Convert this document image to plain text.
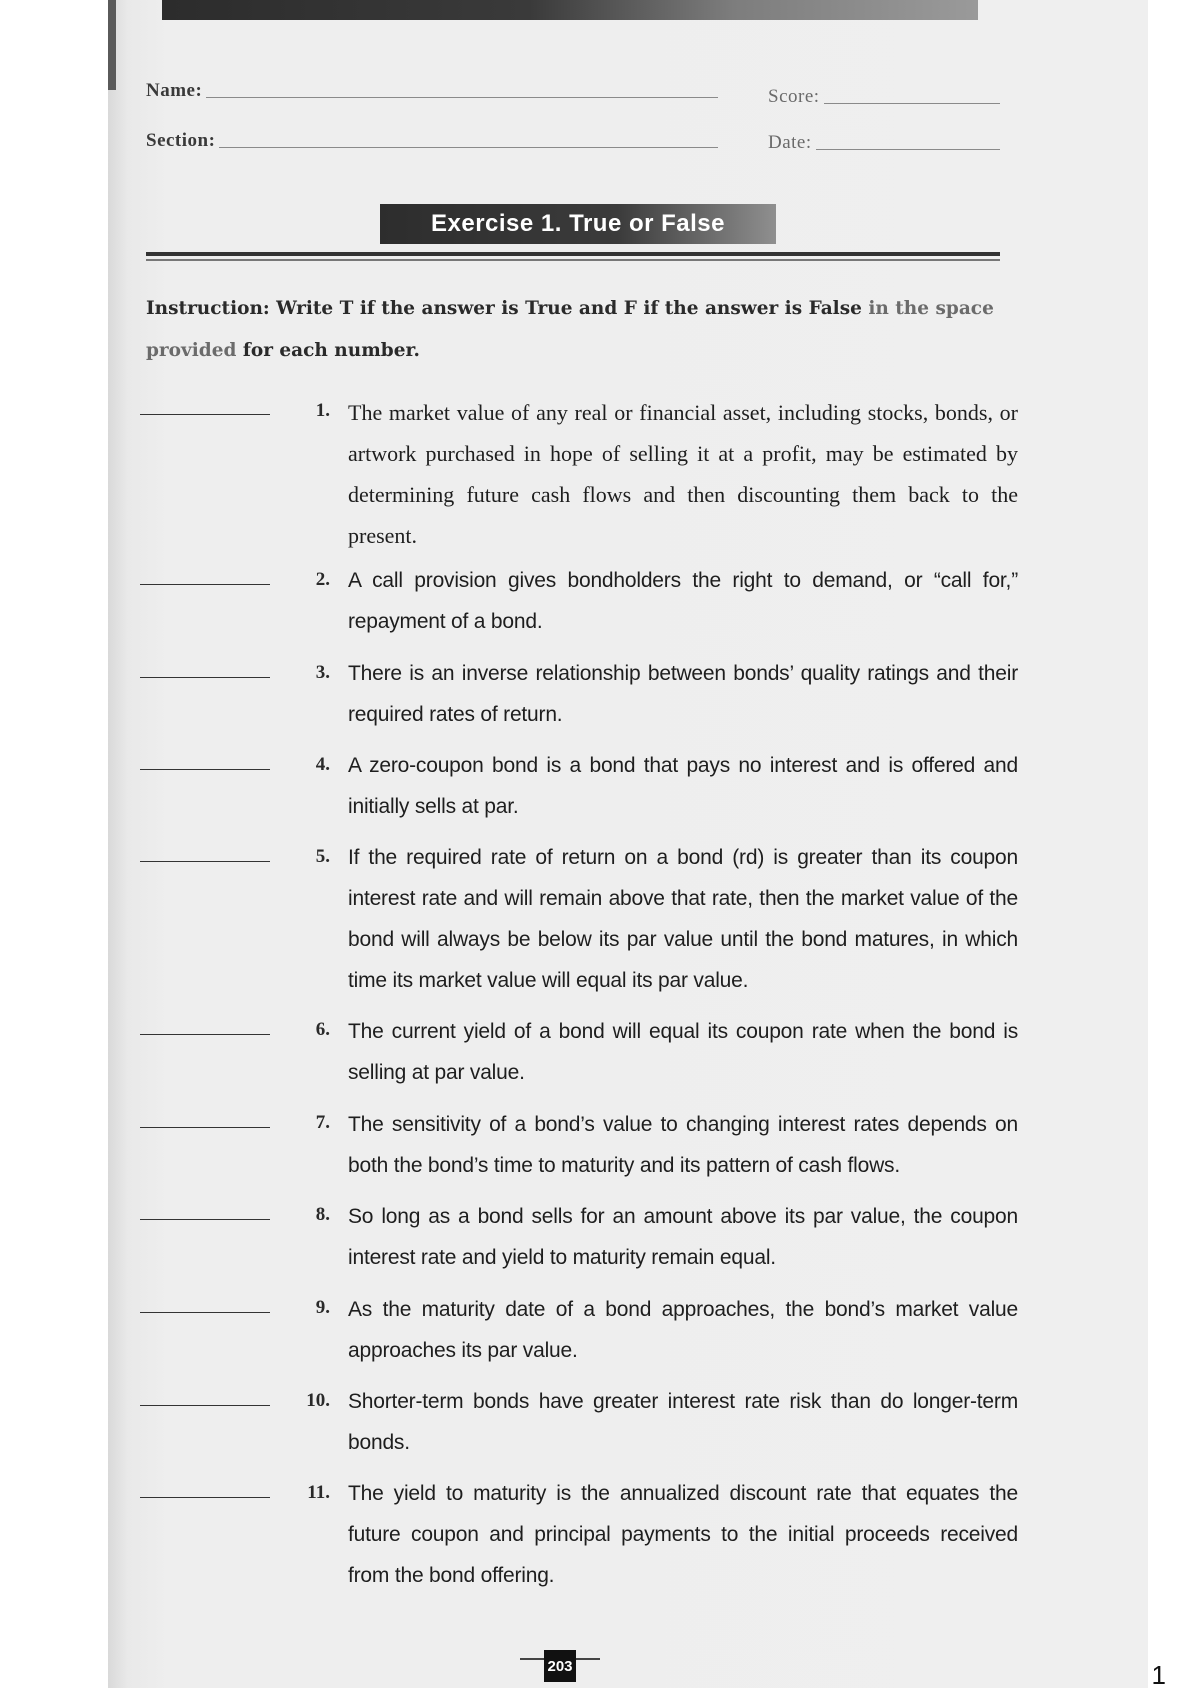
Name:
Section:
Score:
Date:
Exercise 1. True or False
Instruction: Write T if the answer is True and F if the answer is False in the space provided for each number.
1. The market value of any real or financial asset, including stocks, bonds, or artwork purchased in hope of selling it at a profit, may be estimated by determining future cash flows and then discounting them back to the present.
2. A call provision gives bondholders the right to demand, or “call for,” repayment of a bond.
3. There is an inverse relationship between bonds’ quality ratings and their required rates of return.
4. A zero-coupon bond is a bond that pays no interest and is offered and initially sells at par.
5. If the required rate of return on a bond (rd) is greater than its coupon interest rate and will remain above that rate, then the market value of the bond will always be below its par value until the bond matures, in which time its market value will equal its par value.
6. The current yield of a bond will equal its coupon rate when the bond is selling at par value.
7. The sensitivity of a bond’s value to changing interest rates depends on both the bond’s time to maturity and its pattern of cash flows.
8. So long as a bond sells for an amount above its par value, the coupon interest rate and yield to maturity remain equal.
9. As the maturity date of a bond approaches, the bond’s market value approaches its par value.
10. Shorter-term bonds have greater interest rate risk than do longer-term bonds.
11. The yield to maturity is the annualized discount rate that equates the future coupon and principal payments to the initial proceeds received from the bond offering.
203	1
